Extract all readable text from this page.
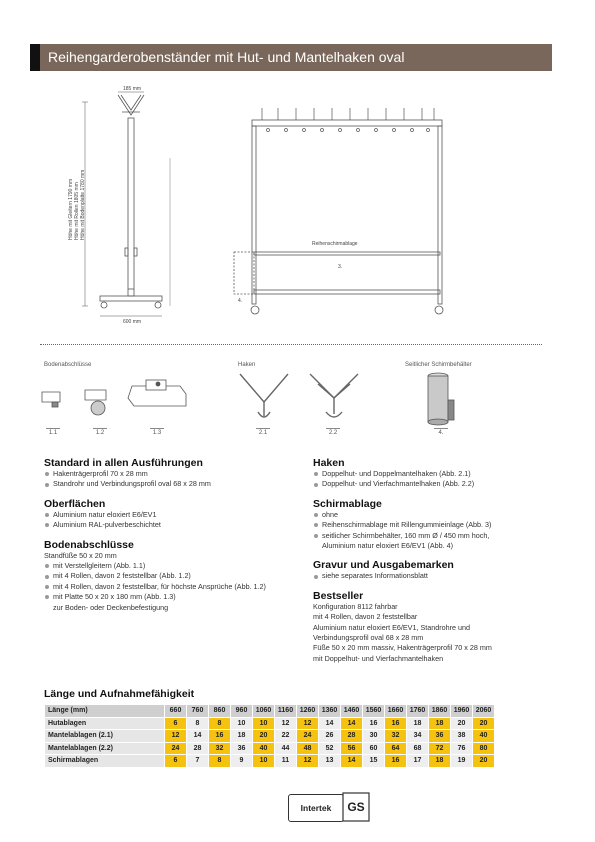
Reihengarderobenständer mit Hut- und Mantelhaken oval
185 mm
600 mm
Höhe mit Gleitern 1790 mm Höhe mit Rollen 1805 mm Höhe mit Bodenplatte 1780 mm
Reihenschirmablage
3.
4.
Bodenabschlüsse	Haken	Seitlicher Schirmbehälter
1.1	1.2	1.3	2.1	2.2	4.

Standard in allen Ausführungen

Hakenträgerprofil 70 x 28 mm
Standrohr und Verbindungsprofil oval 68 x 28 mm

Oberflächen

Aluminium natur eloxiert E6/EV1
Aluminium RAL-pulverbeschichtet

Bodenabschlüsse

Standfüße 50 x 20 mm
mit Verstellgleitern (Abb. 1.1)
mit 4 Rollen, davon 2 feststellbar (Abb. 1.2)
mit 4 Rollen, davon 2 feststellbar, für höchste Ansprüche (Abb. 1.2)
mit Platte 50 x 20 x 180 mm (Abb. 1.3)
zur Boden- oder Deckenbefestigung

Haken

Doppelhut- und Doppelmantelhaken (Abb. 2.1)
Doppelhut- und Vierfachmantelhaken (Abb. 2.2)

Schirmablage

ohne
Reihenschirmablage mit Rillengummieinlage (Abb. 3)
seitlicher Schirmbehälter, 160 mm Ø / 450 mm hoch,
Aluminium natur eloxiert E6/EV1 (Abb. 4)

Gravur und Ausgabemarken

siehe separates Informationsblatt

Bestseller

Konfiguration 8112 fahrbar
mit 4 Rollen, davon 2 feststellbar
Aluminium natur eloxiert E6/EV1, Standrohre und
Verbindungsprofil oval 68 x 28 mm
Füße 50 x 20 mm massiv, Hakenträgerprofil 70 x 28 mm
mit Doppelhut- und Vierfachmantelhaken

Länge und Aufnahmefähigkeit

Länge (mm)	660	760	860	960	1060	1160	1260	1360	1460	1560	1660	1760	1860	1960	2060
Hutablagen	6	8	8	10	10	12	12	14	14	16	16	18	18	20	20
Mantelablagen (2.1)	12	14	16	18	20	22	24	26	28	30	32	34	36	38	40
Mantelablagen (2.2)	24	28	32	36	40	44	48	52	56	60	64	68	72	76	80
Schirmablagen	6	7	8	9	10	11	12	13	14	15	16	17	18	19	20
Intertek GS
